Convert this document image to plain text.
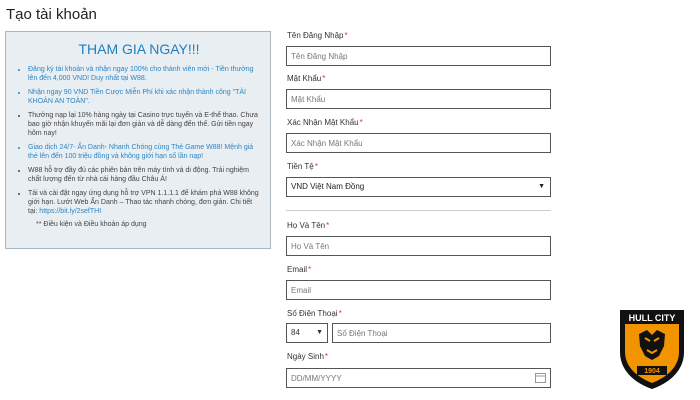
Tạo tài khoản
THAM GIA NGAY!!!
• Đăng ký tài khoản và nhận ngay 100% cho thành viên mới - Tiền thưởng lên đến 4,000 VND! Duy nhất tại W88.
• Nhận ngay 90 VND Tiền Cược Miễn Phí khi xác nhận thành công "TÀI KHOẢN AN TOÀN".
• Thưởng nạp lại 10% hàng ngày tại Casino trực tuyến và E-thể thao. Chưa bao giờ nhận khuyến mãi lại đơn giản và dễ dàng đến thế. Gửi tiền ngay hôm nay!
• Giao dịch 24/7- Ẩn Danh- Nhanh Chóng cùng Thẻ Game W88! Mệnh giá thẻ lên đến 100 triệu đồng và không giới hạn số lần nạp!
• W88 hỗ trợ đầy đủ các phiên bản trên máy tính và di động. Trải nghiệm chất lượng đến từ nhà cái hàng đầu Châu Á!
• Tải và cài đặt ngay ứng dụng hỗ trợ VPN 1.1.1.1 để khám phá W88 không giới hạn. Lướt Web Ẩn Danh – Thao tác nhanh chóng, đơn giản. Chi tiết tại: https://bit.ly/2sefTHI
** Điều kiện và Điều khoản áp dụng
Tên Đăng Nhập*
Tên Đăng Nhập
Mật Khẩu*
Xác Nhận Mật Khẩu*
Tiền Tệ*
VND Việt Nam Đồng	▼
Họ Và Tên*
Họ Và Tên
Email*
Email
Số Điện Thoại*
84 ▼
Số Điện Thoại
Ngày Sinh*
DD/MM/YYYY
HULL CITY
1904
